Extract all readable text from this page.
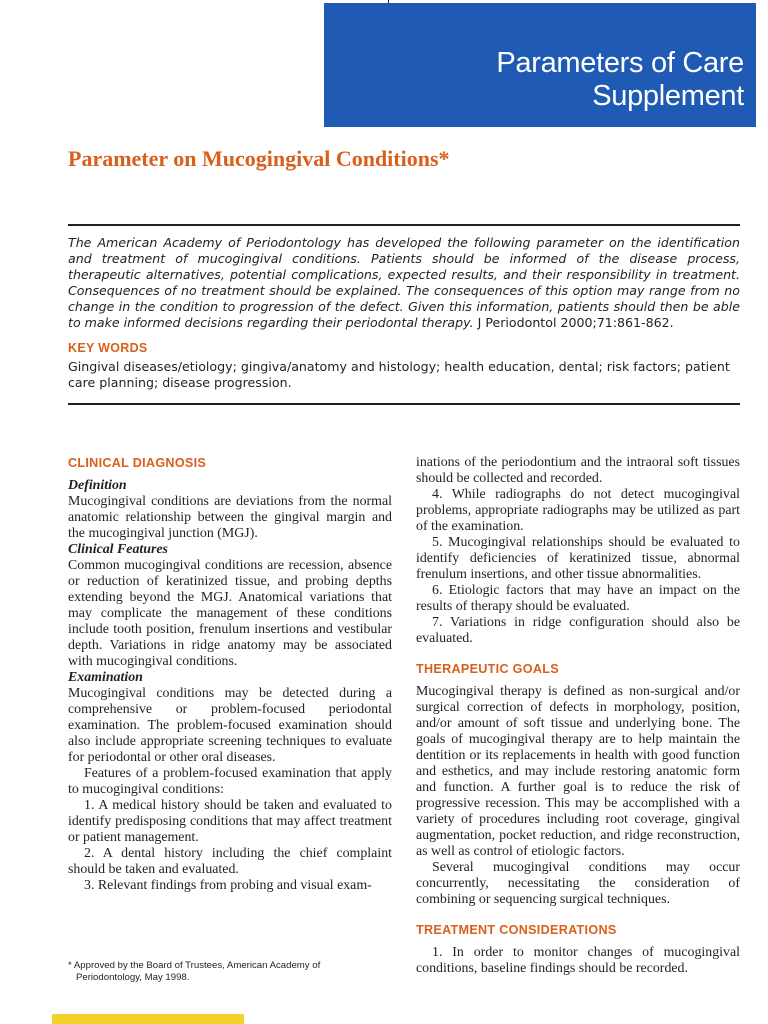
Parameters of Care
Supplement
Parameter on Mucogingival Conditions*

The American Academy of Periodontology has developed the following parameter on the identification and treatment of mucogingival conditions. Patients should be informed of the disease process, therapeutic alternatives, potential complications, expected results, and their responsibility in treatment. Consequences of no treatment should be explained. The consequences of this option may range from no change in the condition to progression of the defect. Given this information, patients should then be able to make informed decisions regarding their periodontal therapy. J Periodontol 2000;71:861-862.

KEY WORDS

Gingival diseases/etiology; gingiva/anatomy and histology; health education, dental; risk factors; patient care planning; disease progression.

CLINICAL DIAGNOSIS

Definition

Mucogingival conditions are deviations from the normal anatomic relationship between the gingival margin and the mucogingival junction (MGJ).

Clinical Features

Common mucogingival conditions are recession, absence or reduction of keratinized tissue, and probing depths extending beyond the MGJ. Anatomical variations that may complicate the management of these conditions include tooth position, frenulum insertions and vestibular depth. Variations in ridge anatomy may be associated with mucogingival conditions.

Examination

Mucogingival conditions may be detected during a comprehensive or problem-focused periodontal examination. The problem-focused examination should also include appropriate screening techniques to evaluate for periodontal or other oral diseases.

Features of a problem-focused examination that apply to mucogingival conditions:

1. A medical history should be taken and evaluated to identify predisposing conditions that may affect treatment or patient management.

2. A dental history including the chief complaint should be taken and evaluated.

3. Relevant findings from probing and visual exam-

inations of the periodontium and the intraoral soft tissues should be collected and recorded.

4. While radiographs do not detect mucogingival problems, appropriate radiographs may be utilized as part of the examination.

5. Mucogingival relationships should be evaluated to identify deficiencies of keratinized tissue, abnormal frenulum insertions, and other tissue abnormalities.

6. Etiologic factors that may have an impact on the results of therapy should be evaluated.

7. Variations in ridge configuration should also be evaluated.

THERAPEUTIC GOALS

Mucogingival therapy is defined as non-surgical and/or surgical correction of defects in morphology, position, and/or amount of soft tissue and underlying bone. The goals of mucogingival therapy are to help maintain the dentition or its replacements in health with good function and esthetics, and may include restoring anatomic form and function. A further goal is to reduce the risk of progressive recession. This may be accomplished with a variety of procedures including root coverage, gingival augmentation, pocket reduction, and ridge reconstruction, as well as control of etiologic factors.

Several mucogingival conditions may occur concurrently, necessitating the consideration of combining or sequencing surgical techniques.

TREATMENT CONSIDERATIONS

1. In order to monitor changes of mucogingival conditions, baseline findings should be recorded.

* Approved by the Board of Trustees, American Academy of
Periodontology, May 1998.
